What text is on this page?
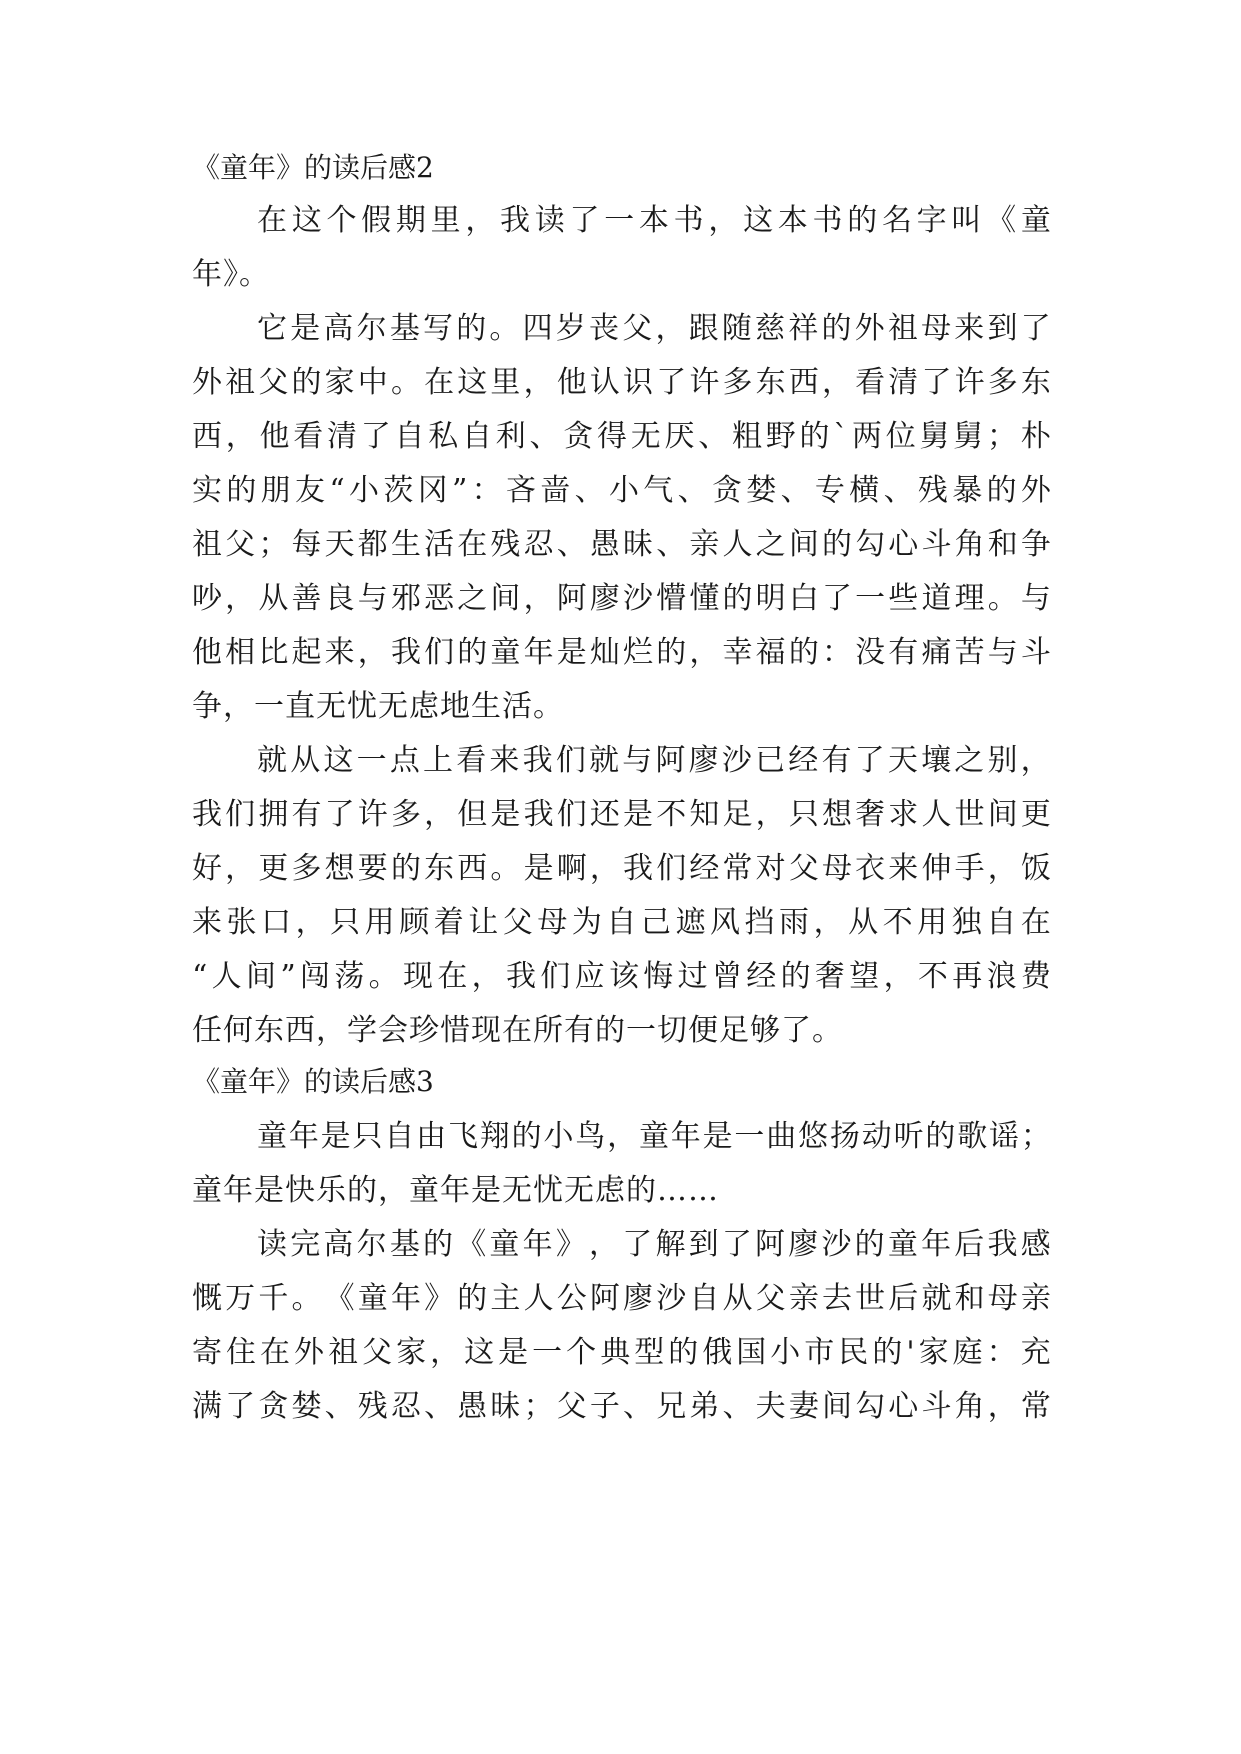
《童年》的读后感2
在 这 个 假 期 里 ， 我 读 了 一 本 书 ， 这 本 书 的 名 字 叫 《 童
年》。
它 是 高 尔 基 写 的 。 四 岁 丧 父 ， 跟 随 慈 祥 的 外 祖 母 来 到 了
外 祖 父 的 家 中 。 在 这 里 ， 他 认 识 了 许 多 东 西 ， 看 清 了 许 多 东
西 ， 他 看 清 了 自 私 自 利 、 贪 得 无 厌 、 粗 野 的 ` 两 位 舅 舅 ； 朴
实 的 朋 友 “ 小 茨 冈 ” ： 吝 啬 、 小 气 、 贪 婪 、 专 横 、 残 暴 的 外
祖 父 ； 每 天 都 生 活 在 残 忍 、 愚 昧 、 亲 人 之 间 的 勾 心 斗 角 和 争
吵 ， 从 善 良 与 邪 恶 之 间 ， 阿 廖 沙 懵 懂 的 明 白 了 一 些 道 理 。 与
他 相 比 起 来 ， 我 们 的 童 年 是 灿 烂 的 ， 幸 福 的 ： 没 有 痛 苦 与 斗
争，一直无忧无虑地生活。
就 从 这 一 点 上 看 来 我 们 就 与 阿 廖 沙 已 经 有 了 天 壤 之 别 ，
我 们 拥 有 了 许 多 ， 但 是 我 们 还 是 不 知 足 ， 只 想 奢 求 人 世 间 更
好 ， 更 多 想 要 的 东 西 。 是 啊 ， 我 们 经 常 对 父 母 衣 来 伸 手 ， 饭
来 张 口 ， 只 用 顾 着 让 父 母 为 自 己 遮 风 挡 雨 ， 从 不 用 独 自 在
“ 人 间 ” 闯 荡 。 现 在 ， 我 们 应 该 悔 过 曾 经 的 奢 望 ， 不 再 浪 费
任何东西，学会珍惜现在所有的一切便足够了。
《童年》的读后感3
童 年 是 只 自 由 飞 翔 的 小 鸟 ， 童 年 是 一 曲 悠 扬 动 听 的 歌 谣 ；
童年是快乐的，童年是无忧无虑的……
读 完 高 尔 基 的 《 童 年 》 ， 了 解 到 了 阿 廖 沙 的 童 年 后 我 感
慨 万 千 。 《 童 年 》 的 主 人 公 阿 廖 沙 自 从 父 亲 去 世 后 就 和 母 亲
寄 住 在 外 祖 父 家 ， 这 是 一 个 典 型 的 俄 国 小 市 民 的 ' 家 庭 ： 充
满 了 贪 婪 、 残 忍 、 愚 昧 ； 父 子 、 兄 弟 、 夫 妻 间 勾 心 斗 角 ， 常
